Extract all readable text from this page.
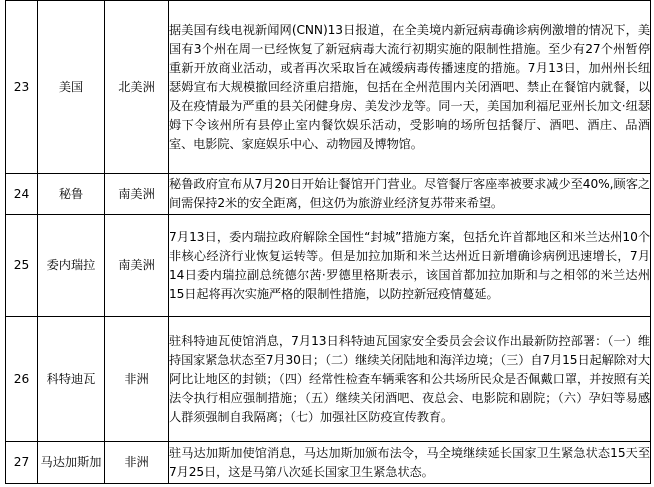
23	美国	北美洲	据美国有线电视新闻网(CNN)13日报道，在全美境内新冠病毒确诊病例激增的情况下，美国有3个州在周一已经恢复了新冠病毒大流行初期实施的限制性措施。至少有27个州暂停重新开放商业活动，或者再次采取旨在减缓病毒传播速度的措施。7月13日，加州州长纽瑟姆宣布大规模撤回经济重启措施，包括在全州范围内关闭酒吧、禁止在餐馆内就餐，以及在疫情最为严重的县关闭健身房、美发沙龙等。同一天，美国加利福尼亚州长加文·纽瑟姆下令该州所有县停止室内餐饮娱乐活动，受影响的场所包括餐厅、酒吧、酒庄、品酒室、电影院、家庭娱乐中心、动物园及博物馆。

24	秘鲁	南美洲	秘鲁政府宣布从7月20日开始让餐馆开门营业。尽管餐厅客座率被要求减少至40%,顾客之间需保持2米的安全距离，但这仍为旅游业经济复苏带来希望。

25	委内瑞拉	南美洲	7月13日，委内瑞拉政府解除全国性“封城”措施方案，包括允许首都地区和米兰达州10个非核心经济行业恢复运转等。但是加拉加斯和米兰达州近日新增确诊病例迅速增长，7月14日委内瑞拉副总统德尔茜·罗德里格斯表示，该国首都加拉加斯和与之相邻的米兰达州15日起将再次实施严格的限制性措施，以防控新冠疫情蔓延。

26	科特迪瓦	非洲	驻科特迪瓦使馆消息，7月13日科特迪瓦国家安全委员会会议作出最新防控部署：（一）维持国家紧急状态至7月30日；（二）继续关闭陆地和海洋边境；（三）自7月15日起解除对大阿比让地区的封锁；（四）经常性检查车辆乘客和公共场所民众是否佩戴口罩，并按照有关法令执行相应强制措施；（五）继续关闭酒吧、夜总会、电影院和剧院；（六）孕妇等易感人群须强制自我隔离；（七）加强社区防疫宣传教育。

27	马达加斯加	非洲	驻马达加斯加使馆消息，马达加斯加颁布法令，马全境继续延长国家卫生紧急状态15天至7月25日，这是马第八次延长国家卫生紧急状态。
